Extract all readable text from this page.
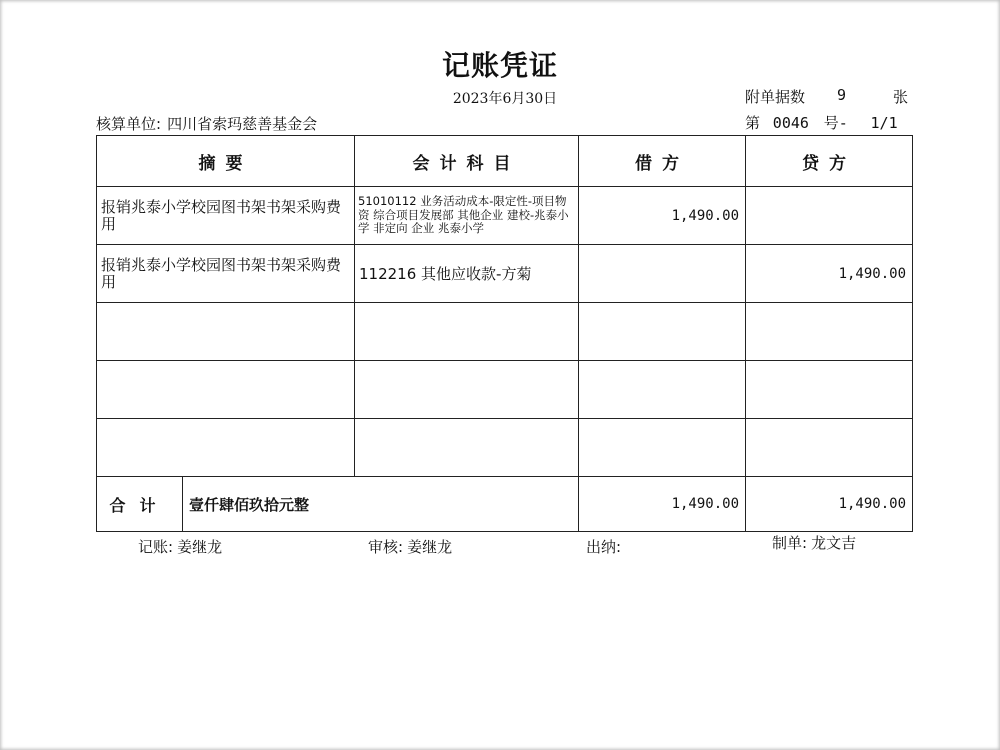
记账凭证
2023年6月30日	附单据数 9	张
核算单位: 四川省索玛慈善基金会	第 0046 号- 1/1
摘要		会计科目	借方	贷方
报销兆泰小学校园图书架书架采购费用		51010112 业务活动成本-限定性-项目物资 综合项目发展部 其他企业 建校-兆泰小学 非定向 企业 兆泰小学	1,490.00	
报销兆泰小学校园图书架书架采购费用		112216 其他应收款-方菊		1,490.00

合计	壹仟肆佰玖拾元整		1,490.00	1,490.00
记账: 姜继龙	审核: 姜继龙	出纳:	制单: 龙文吉
